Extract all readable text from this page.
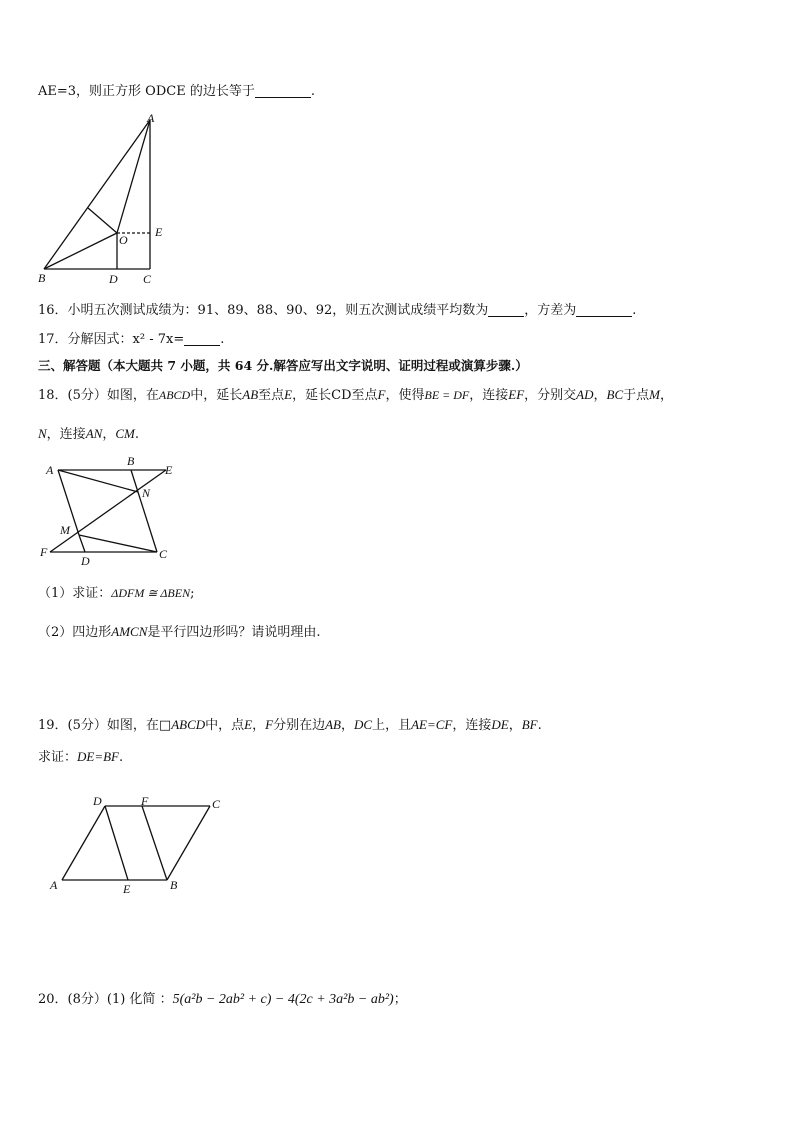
AE=3，则正方形 ODCE 的边长等于	.
A
O
E
B	D C
16．小明五次测试成绩为：91、89、88、90、92，则五次测试成绩平均数为	，方差为	.
17．分解因式：x² - 7x=	.
三、解答题（本大题共 7 小题，共 64 分.解答应写出文字说明、证明过程或演算步骤.）
18．(5分）如图，在ABCD中，延长AB至点E，延长CD至点F，使得BE = DF，连接EF，分别交AD，BC于点M，
N，连接AN，CM.
A
B
E
N
M
F
D	C
（1）求证：ΔDFM ≅ ΔBEN;
（2）四边形AMCN是平行四边形吗？请说明理由.
19．(5分）如图，在□ABCD中，点E，F分别在边AB，DC上，且AE=CF，连接DE，BF.
求证：DE=BF.
D	F	C
A	E	B
20．(8分）(1) 化简 ：5(a²b − 2ab² + c) − 4(2c + 3a²b − ab²)；
